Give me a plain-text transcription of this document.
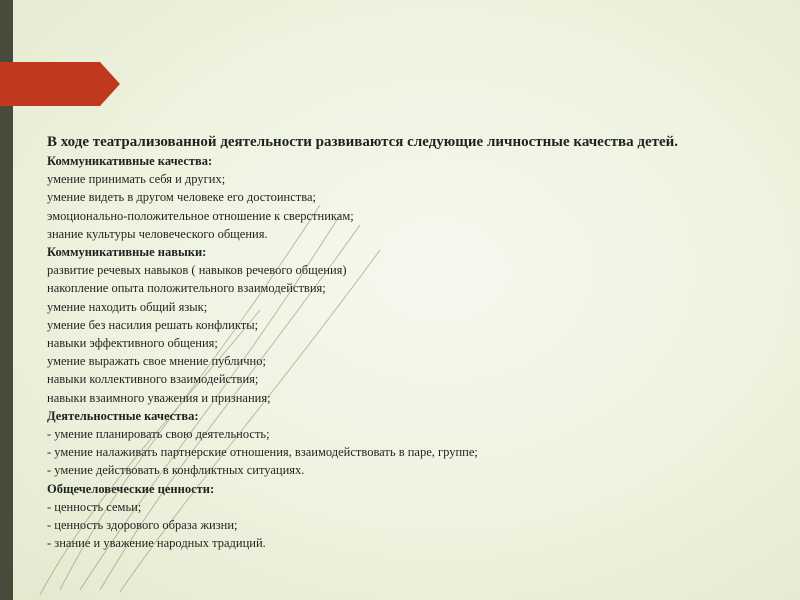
В ходе театрализованной деятельности развиваются следующие личностные качества детей.
Коммуникативные качества:
умение принимать себя и других;
умение видеть в другом человеке его достоинства;
эмоционально-положительное отношение к сверстникам;
знание культуры человеческого общения.
Коммуникативные навыки:
развитие речевых навыков ( навыков речевого общения)
накопление опыта положительного взаимодействия;
умение находить общий язык;
умение без насилия решать конфликты;
навыки эффективного общения;
умение выражать свое мнение публично;
навыки коллективного взаимодействия;
навыки взаимного уважения и признания;
Деятельностные качества:
- умение планировать свою деятельность;
- умение налаживать партнерские отношения, взаимодействовать в паре, группе;
- умение действовать в конфликтных ситуациях.
Общечеловеческие ценности:
- ценность семьи;
- ценность здорового образа жизни;
- знание и уважение народных традиций.
